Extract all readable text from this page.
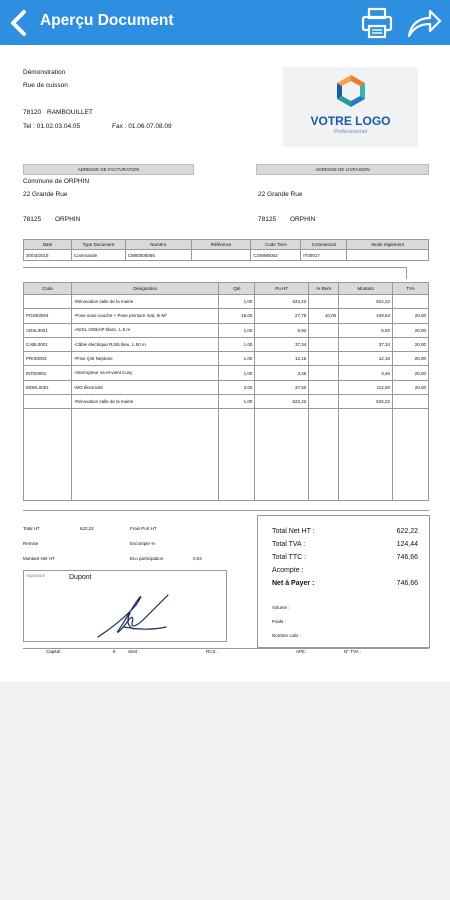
Aperçu Document
Démonstration
Rue de cuisson
78120 RAMBOUILLET
Tel : 01.02.03.04.05	Fax : 01.06.07.08.09	VOTRE LOGO
Professionnel
ADRESSE DE FACTURATION	ADRESSE DE LIVRAISON
Commune de ORPHIN
22 Grande Rue
78125 ORPHIN
22 Grande Rue
78125 ORPHIN
Date	Type Document	Numéro	Référence	Code Tiers	Commercial	Mode règlement
30/03/2018	Commande	CM00000066		COMM0002	IT00017	
Code	Désignation	Qté	Pu HT	% Rem	Montant	TVA
	-Rénovation salle de la mairie	1,00	622,22		622,22	
POSE0004	-Pose sous-couche + Pose peinture mat, le M²	16,00	27,75	10,00	449,64	20,00
ADSL0001	-ADSL 2GB/AP blanc, L.5 m	1,00	6,92		6,92	20,00
CABL0001	-Câble électrique RJ45 bleu, L.50 m	1,00	37,34		37,34	20,00
PRIS0003	-Prise rj45 Neptune	1,00	12,16		12,16	20,00
INTE0001	-Interrupteur va-et-vient Cosy	1,00	3,46		3,46	20,00
MOEL0001	-MO électricité	3,00	37,50		112,50	20,00
	-Rénovation salle de la mairie	1,00	622,22		622,22	

Total HT	622,22	Frais Port HT
Remise	Escompte %
Montant Net HT	Eco participation	0,04
Signature	Dupont
Total Net HT :	622,22
Total TVA :	124,44
Total TTC :	746,66
Acompte :
Net à Payer :	746,66
Volume :
Poids :
Nombre colis :
Capital :	€	Siret :	RCS :	APE :	N° TVA :
